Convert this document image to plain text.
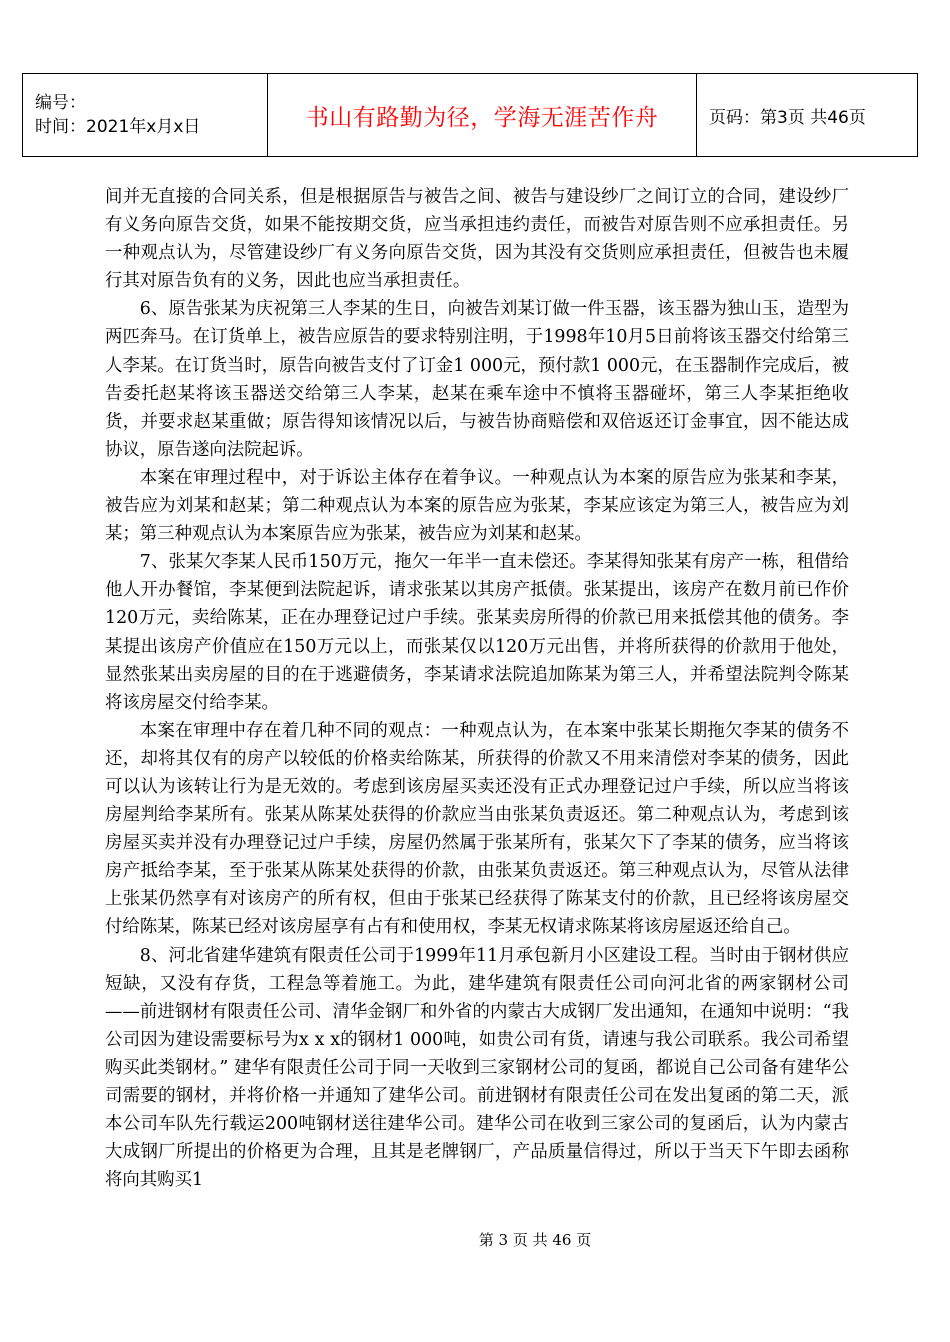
编号：
时间：2021年x月x日	书山有路勤为径，学海无涯苦作舟	页码：第3页 共46页

间并无直接的合同关系，但是根据原告与被告之间、被告与建设纱厂之间订立的合同，建设纱厂有义务向原告交货，如果不能按期交货，应当承担违约责任，而被告对原告则不应承担责任。另一种观点认为，尽管建设纱厂有义务向原告交货，因为其没有交货则应承担责任，但被告也未履行其对原告负有的义务，因此也应当承担责任。

6、原告张某为庆祝第三人李某的生日，向被告刘某订做一件玉器，该玉器为独山玉，造型为两匹奔马。在订货单上，被告应原告的要求特别注明，于1998年10月5日前将该玉器交付给第三人李某。在订货当时，原告向被告支付了订金1 000元，预付款1 000元，在玉器制作完成后，被告委托赵某将该玉器送交给第三人李某，赵某在乘车途中不慎将玉器碰坏，第三人李某拒绝收货，并要求赵某重做；原告得知该情况以后，与被告协商赔偿和双倍返还订金事宜，因不能达成协议，原告遂向法院起诉。

本案在审理过程中，对于诉讼主体存在着争议。一种观点认为本案的原告应为张某和李某，被告应为刘某和赵某；第二种观点认为本案的原告应为张某，李某应该定为第三人，被告应为刘某；第三种观点认为本案原告应为张某，被告应为刘某和赵某。

7、张某欠李某人民币150万元，拖欠一年半一直未偿还。李某得知张某有房产一栋，租借给他人开办餐馆，李某便到法院起诉，请求张某以其房产抵债。张某提出，该房产在数月前已作价120万元，卖给陈某，正在办理登记过户手续。张某卖房所得的价款已用来抵偿其他的债务。李某提出该房产价值应在150万元以上，而张某仅以120万元出售，并将所获得的价款用于他处，显然张某出卖房屋的目的在于逃避债务，李某请求法院追加陈某为第三人，并希望法院判令陈某将该房屋交付给李某。

本案在审理中存在着几种不同的观点：一种观点认为，在本案中张某长期拖欠李某的债务不还，却将其仅有的房产以较低的价格卖给陈某，所获得的价款又不用来清偿对李某的债务，因此可以认为该转让行为是无效的。考虑到该房屋买卖还没有正式办理登记过户手续，所以应当将该房屋判给李某所有。张某从陈某处获得的价款应当由张某负责返还。第二种观点认为，考虑到该房屋买卖并没有办理登记过户手续，房屋仍然属于张某所有，张某欠下了李某的债务，应当将该房产抵给李某，至于张某从陈某处获得的价款，由张某负责返还。第三种观点认为，尽管从法律上张某仍然享有对该房产的所有权，但由于张某已经获得了陈某支付的价款，且已经将该房屋交付给陈某，陈某已经对该房屋享有占有和使用权，李某无权请求陈某将该房屋返还给自己。

8、河北省建华建筑有限责任公司于1999年11月承包新月小区建设工程。当时由于钢材供应短缺，又没有存货，工程急等着施工。为此，建华建筑有限责任公司向河北省的两家钢材公司——前进钢材有限责任公司、清华金钢厂和外省的内蒙古大成钢厂发出通知，在通知中说明：“我公司因为建设需要标号为x x x的钢材1 000吨，如贵公司有货，请速与我公司联系。我公司希望购买此类钢材。” 建华有限责任公司于同一天收到三家钢材公司的复函，都说自己公司备有建华公司需要的钢材，并将价格一并通知了建华公司。前进钢材有限责任公司在发出复函的第二天，派本公司车队先行载运200吨钢材送往建华公司。建华公司在收到三家公司的复函后，认为内蒙古大成钢厂所提出的价格更为合理，且其是老牌钢厂，产品质量信得过，所以于当天下午即去函称将向其购买1

第 3 页 共 46 页
